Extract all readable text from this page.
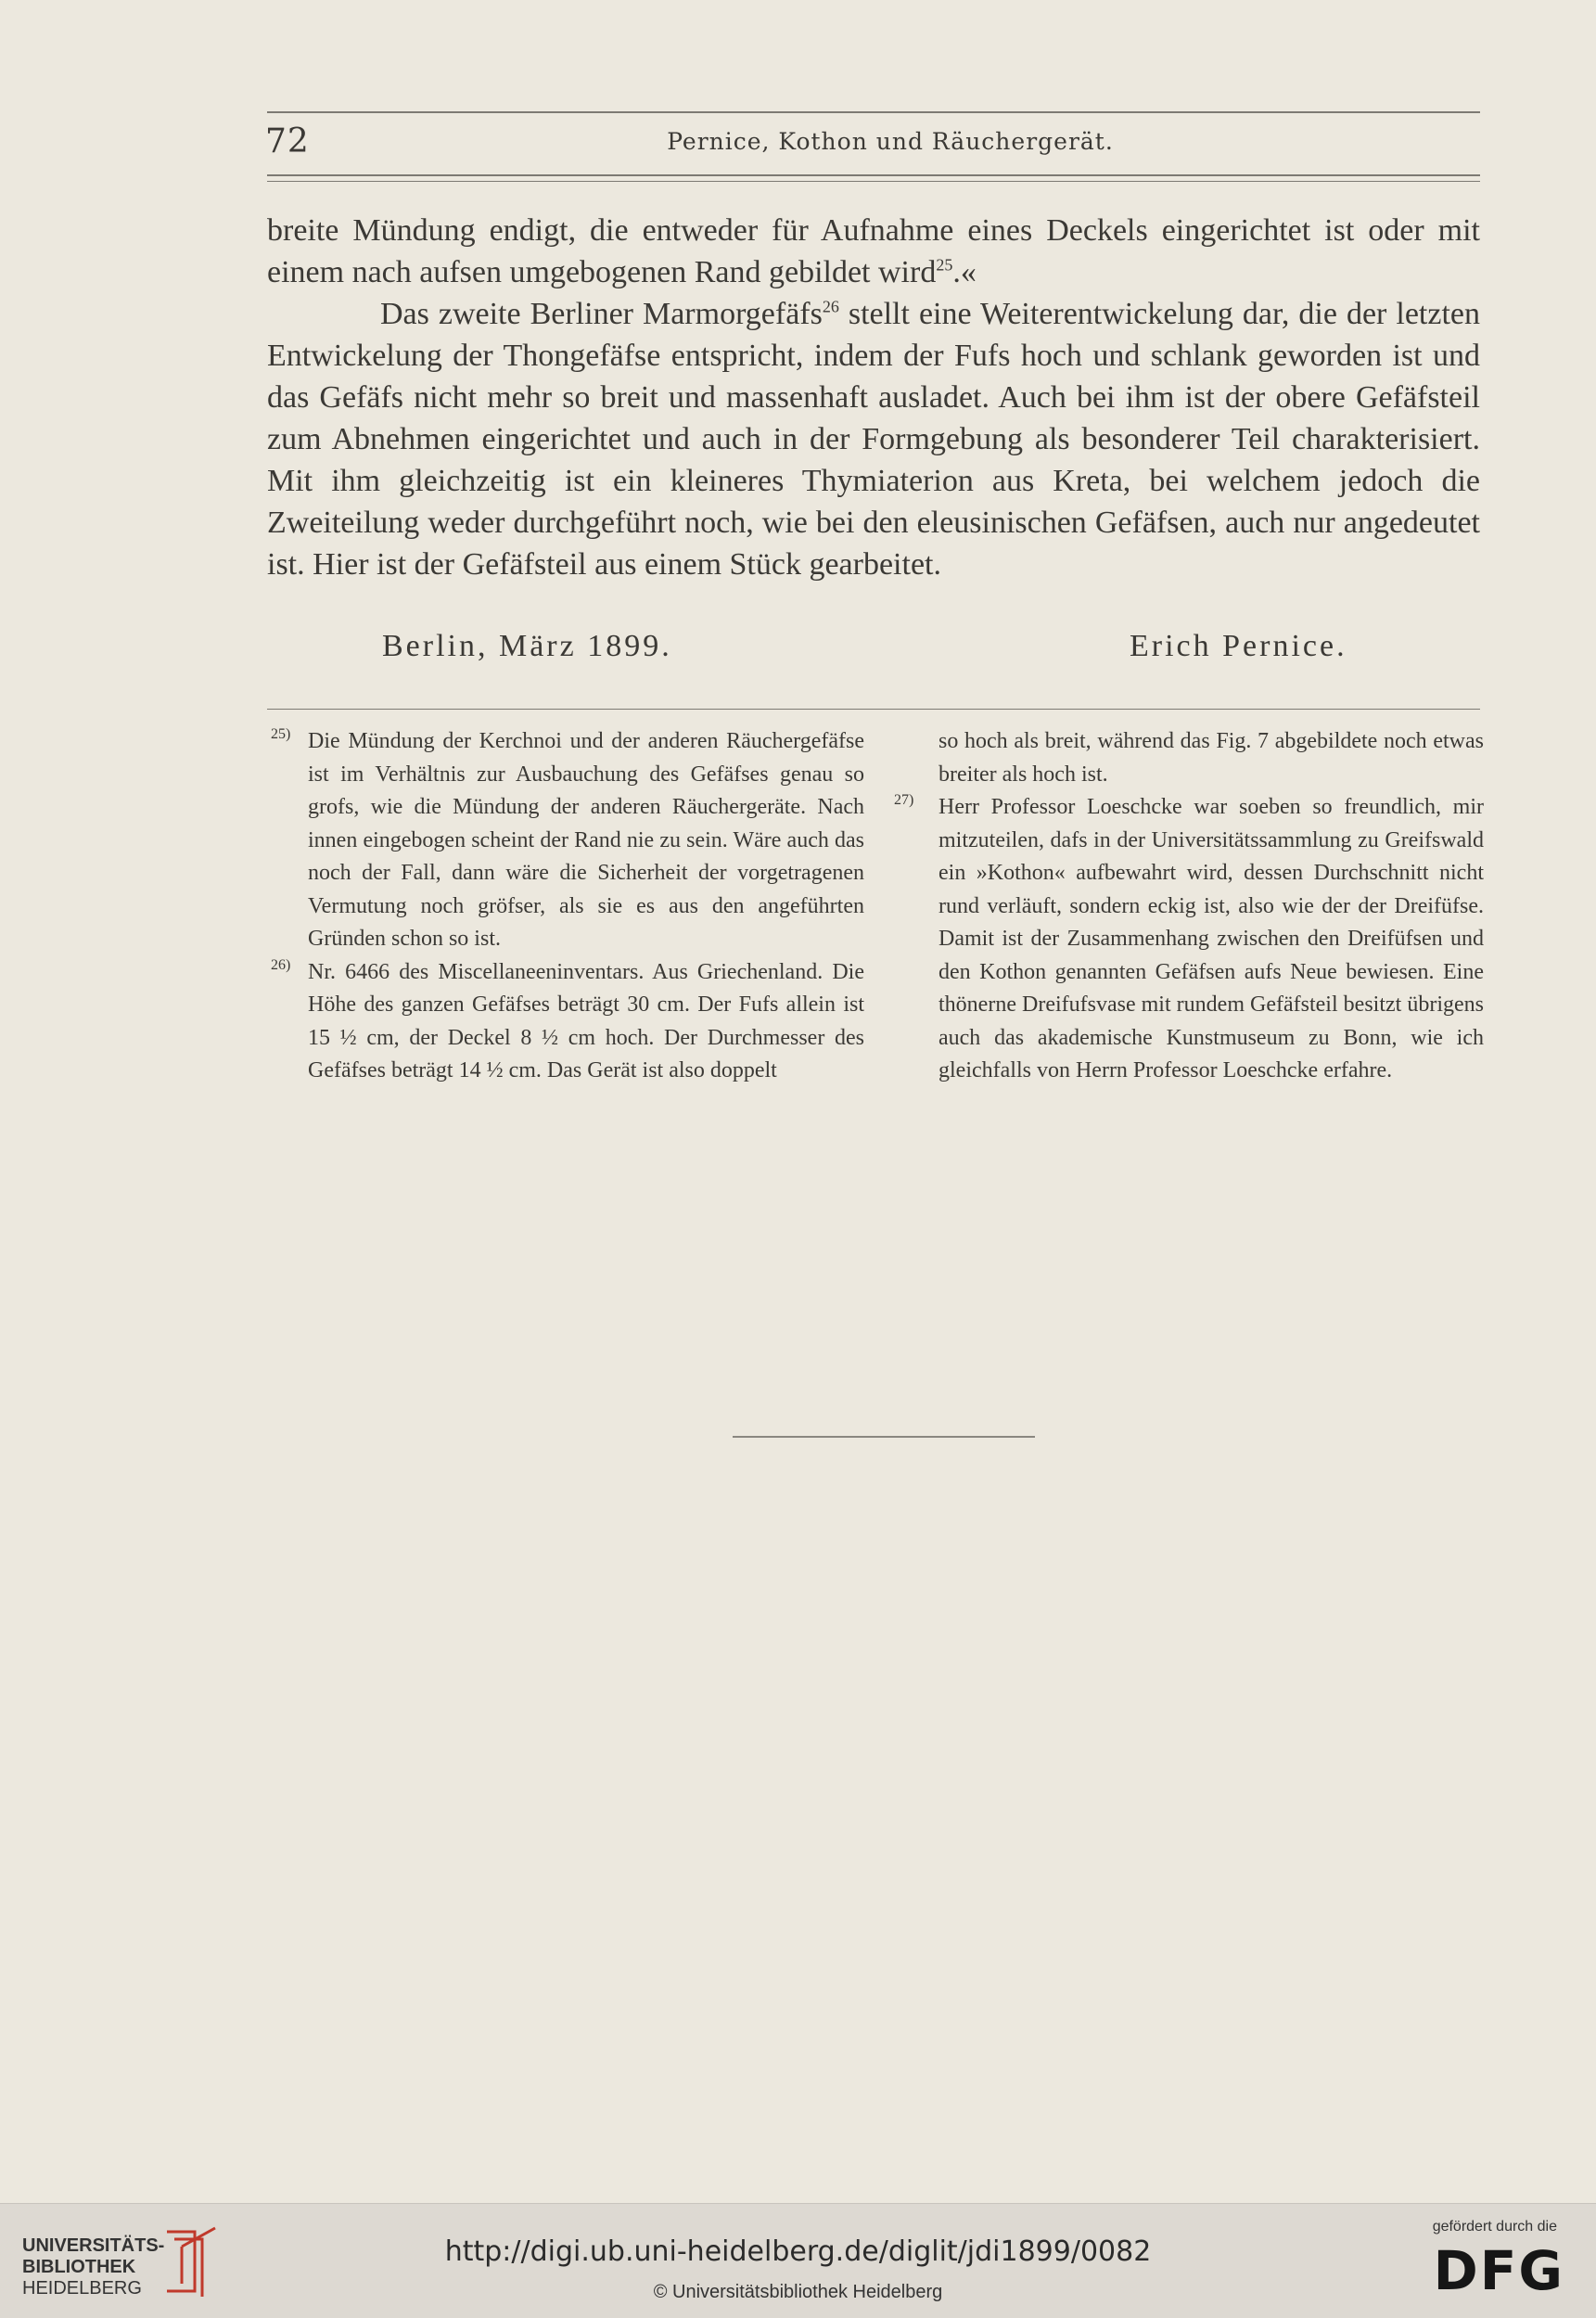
72	Pernice, Kothon und Räuchergerät.

breite Mündung endigt, die entweder für Aufnahme eines Deckels eingerichtet ist oder mit einem nach aufsen umgebogenen Rand gebildet wird$^{25}$.«

Das zweite Berliner Marmorgefäfs$^{26}$ stellt eine Weiterentwickelung dar, die der letzten Entwickelung der Thongefäfse entspricht, indem der Fufs hoch und schlank geworden ist und das Gefäfs nicht mehr so breit und massenhaft ausladet. Auch bei ihm ist der obere Gefäfsteil zum Abnehmen eingerichtet und auch in der Formgebung als besonderer Teil charakterisiert. Mit ihm gleichzeitig ist ein kleineres Thymiaterion aus Kreta, bei welchem jedoch die Zweiteilung weder durchgeführt noch, wie bei den eleusinischen Gefäfsen, auch nur angedeutet ist. Hier ist der Gefäfsteil aus einem Stück gearbeitet.

Berlin, März 1899.	Erich Pernice.
25) Die Mündung der Kerchnoi und der anderen Räuchergefäfse ist im Verhältnis zur Ausbauchung des Gefäfses genau so grofs, wie die Mündung der anderen Räuchergeräte. Nach innen eingebogen scheint der Rand nie zu sein. Wäre auch das noch der Fall, dann wäre die Sicherheit der vorgetragenen Vermutung noch gröfser, als sie es aus den angeführten Gründen schon so ist.
26) Nr. 6466 des Miscellaneeninventars. Aus Griechenland. Die Höhe des ganzen Gefäfses beträgt 30 cm. Der Fufs allein ist 15 ½ cm, der Deckel 8 ½ cm hoch. Der Durchmesser des Gefäfses beträgt 14 ½ cm. Das Gerät ist also doppelt
so hoch als breit, während das Fig. 7 abgebildete noch etwas breiter als hoch ist.
27) Herr Professor Loeschcke war soeben so freundlich, mir mitzuteilen, dafs in der Universitätssammlung zu Greifswald ein »Kothon« aufbewahrt wird, dessen Durchschnitt nicht rund verläuft, sondern eckig ist, also wie der der Dreifüfse. Damit ist der Zusammenhang zwischen den Dreifüfsen und den Kothon genannten Gefäfsen aufs Neue bewiesen. Eine thönerne Dreifufsvase mit rundem Gefäfsteil besitzt übrigens auch das akademische Kunstmuseum zu Bonn, wie ich gleichfalls von Herrn Professor Loeschcke erfahre.
UNIVERSITÄTS-
BIBLIOTHEK
HEIDELBERG
http://digi.ub.uni-heidelberg.de/diglit/jdi1899/0082
© Universitätsbibliothek Heidelberg
gefördert durch die
DFG
